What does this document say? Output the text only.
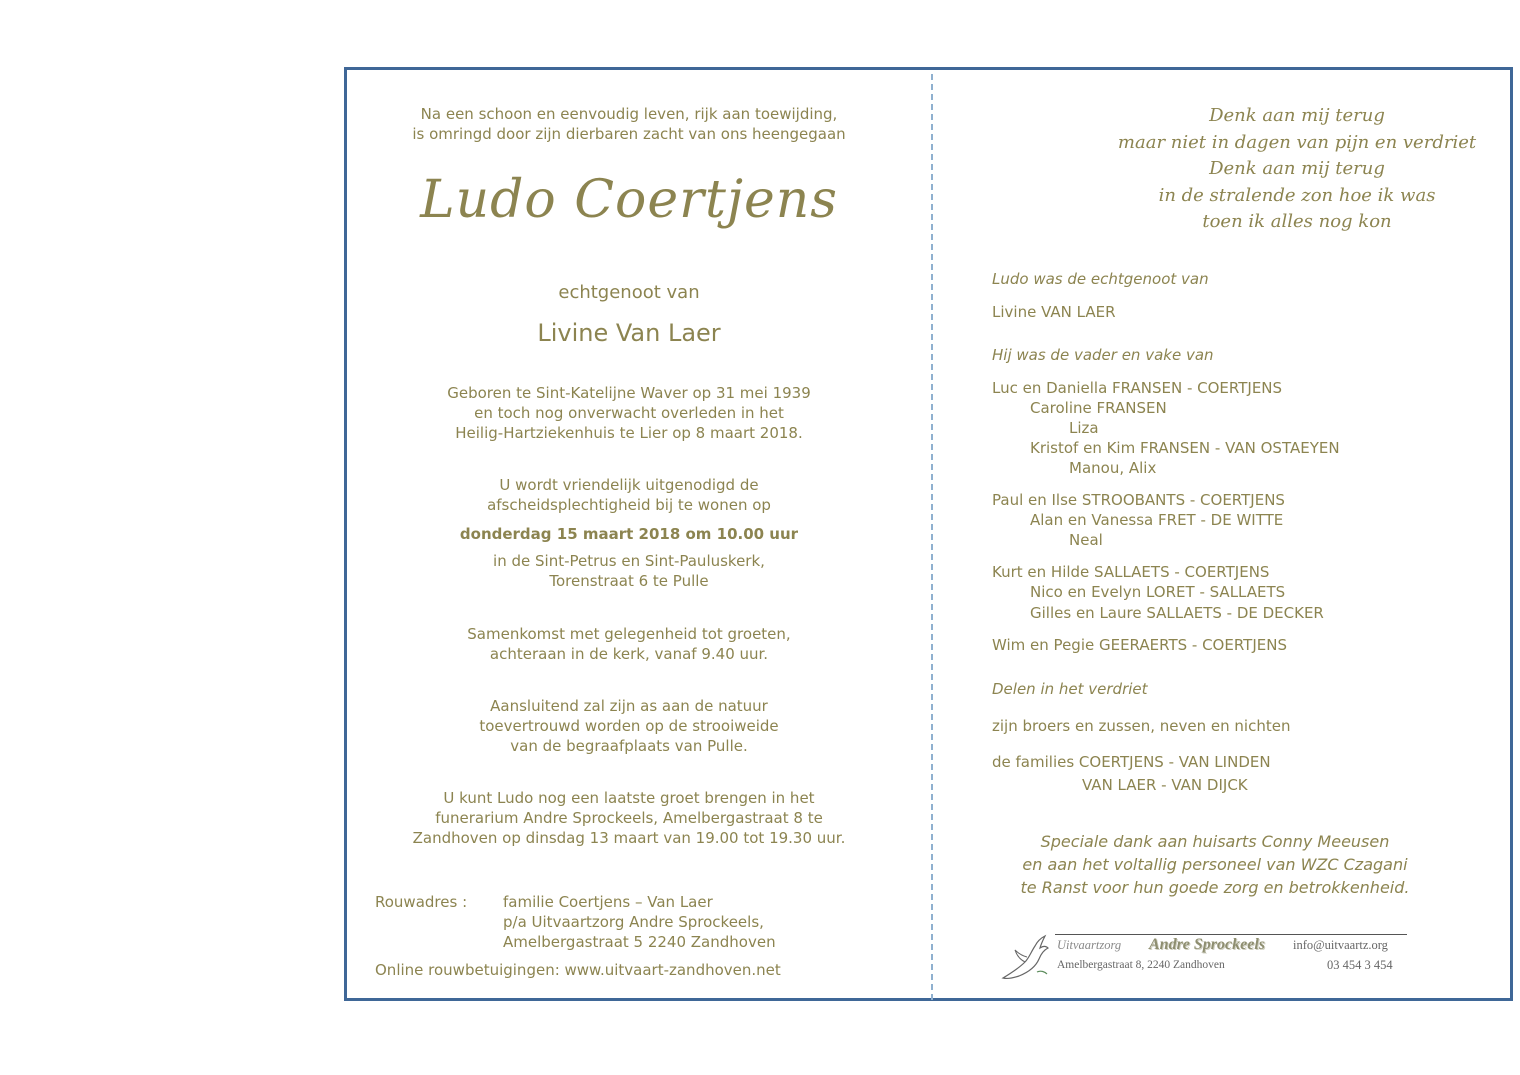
Na een schoon en eenvoudig leven, rijk aan toewijding,
is omringd door zijn dierbaren zacht van ons heengegaan
Ludo Coertjens
echtgenoot van
Livine Van Laer
Geboren te Sint-Katelijne Waver op 31 mei 1939
en toch nog onverwacht overleden in het
Heilig-Hartziekenhuis te Lier op 8 maart 2018.
U wordt vriendelijk uitgenodigd de
afscheidsplechtigheid bij te wonen op
donderdag 15 maart 2018 om 10.00 uur
in de Sint-Petrus en Sint-Pauluskerk,
Torenstraat 6 te Pulle
Samenkomst met gelegenheid tot groeten,
achteraan in de kerk, vanaf 9.40 uur.
Aansluitend zal zijn as aan de natuur
toevertrouwd worden op de strooiweide
van de begraafplaats van Pulle.
U kunt Ludo nog een laatste groet brengen in het
funerarium Andre Sprockeels, Amelbergastraat 8 te
Zandhoven op dinsdag 13 maart van 19.00 tot 19.30 uur.
Rouwadres : familie Coertjens – Van Laer
p/a Uitvaartzorg Andre Sprockeels,
Amelbergastraat 5 2240 Zandhoven
Online rouwbetuigingen: www.uitvaart-zandhoven.net
Denk aan mij terug
maar niet in dagen van pijn en verdriet
Denk aan mij terug
in de stralende zon hoe ik was
toen ik alles nog kon
Ludo was de echtgenoot van
Livine VAN LAER
Hij was de vader en vake van
Luc en Daniella FRANSEN - COERTJENS
Caroline FRANSEN
Liza
Kristof en Kim FRANSEN - VAN OSTAEYEN
Manou, Alix
Paul en Ilse STROOBANTS - COERTJENS
Alan en Vanessa FRET - DE WITTE
Neal
Kurt en Hilde SALLAETS - COERTJENS
Nico en Evelyn LORET - SALLAETS
Gilles en Laure SALLAETS - DE DECKER
Wim en Pegie GEERAERTS - COERTJENS
Delen in het verdriet
zijn broers en zussen, neven en nichten
de families COERTJENS - VAN LINDEN
VAN LAER - VAN DIJCK
Speciale dank aan huisarts Conny Meeusen
en aan het voltallig personeel van WZC Czagani
te Ranst voor hun goede zorg en betrokkenheid.
Uitvaartzorg Andre Sprockeels info@uitvaartz.org
Amelbergastraat 8, 2240 Zandhoven	03 454 3 454
